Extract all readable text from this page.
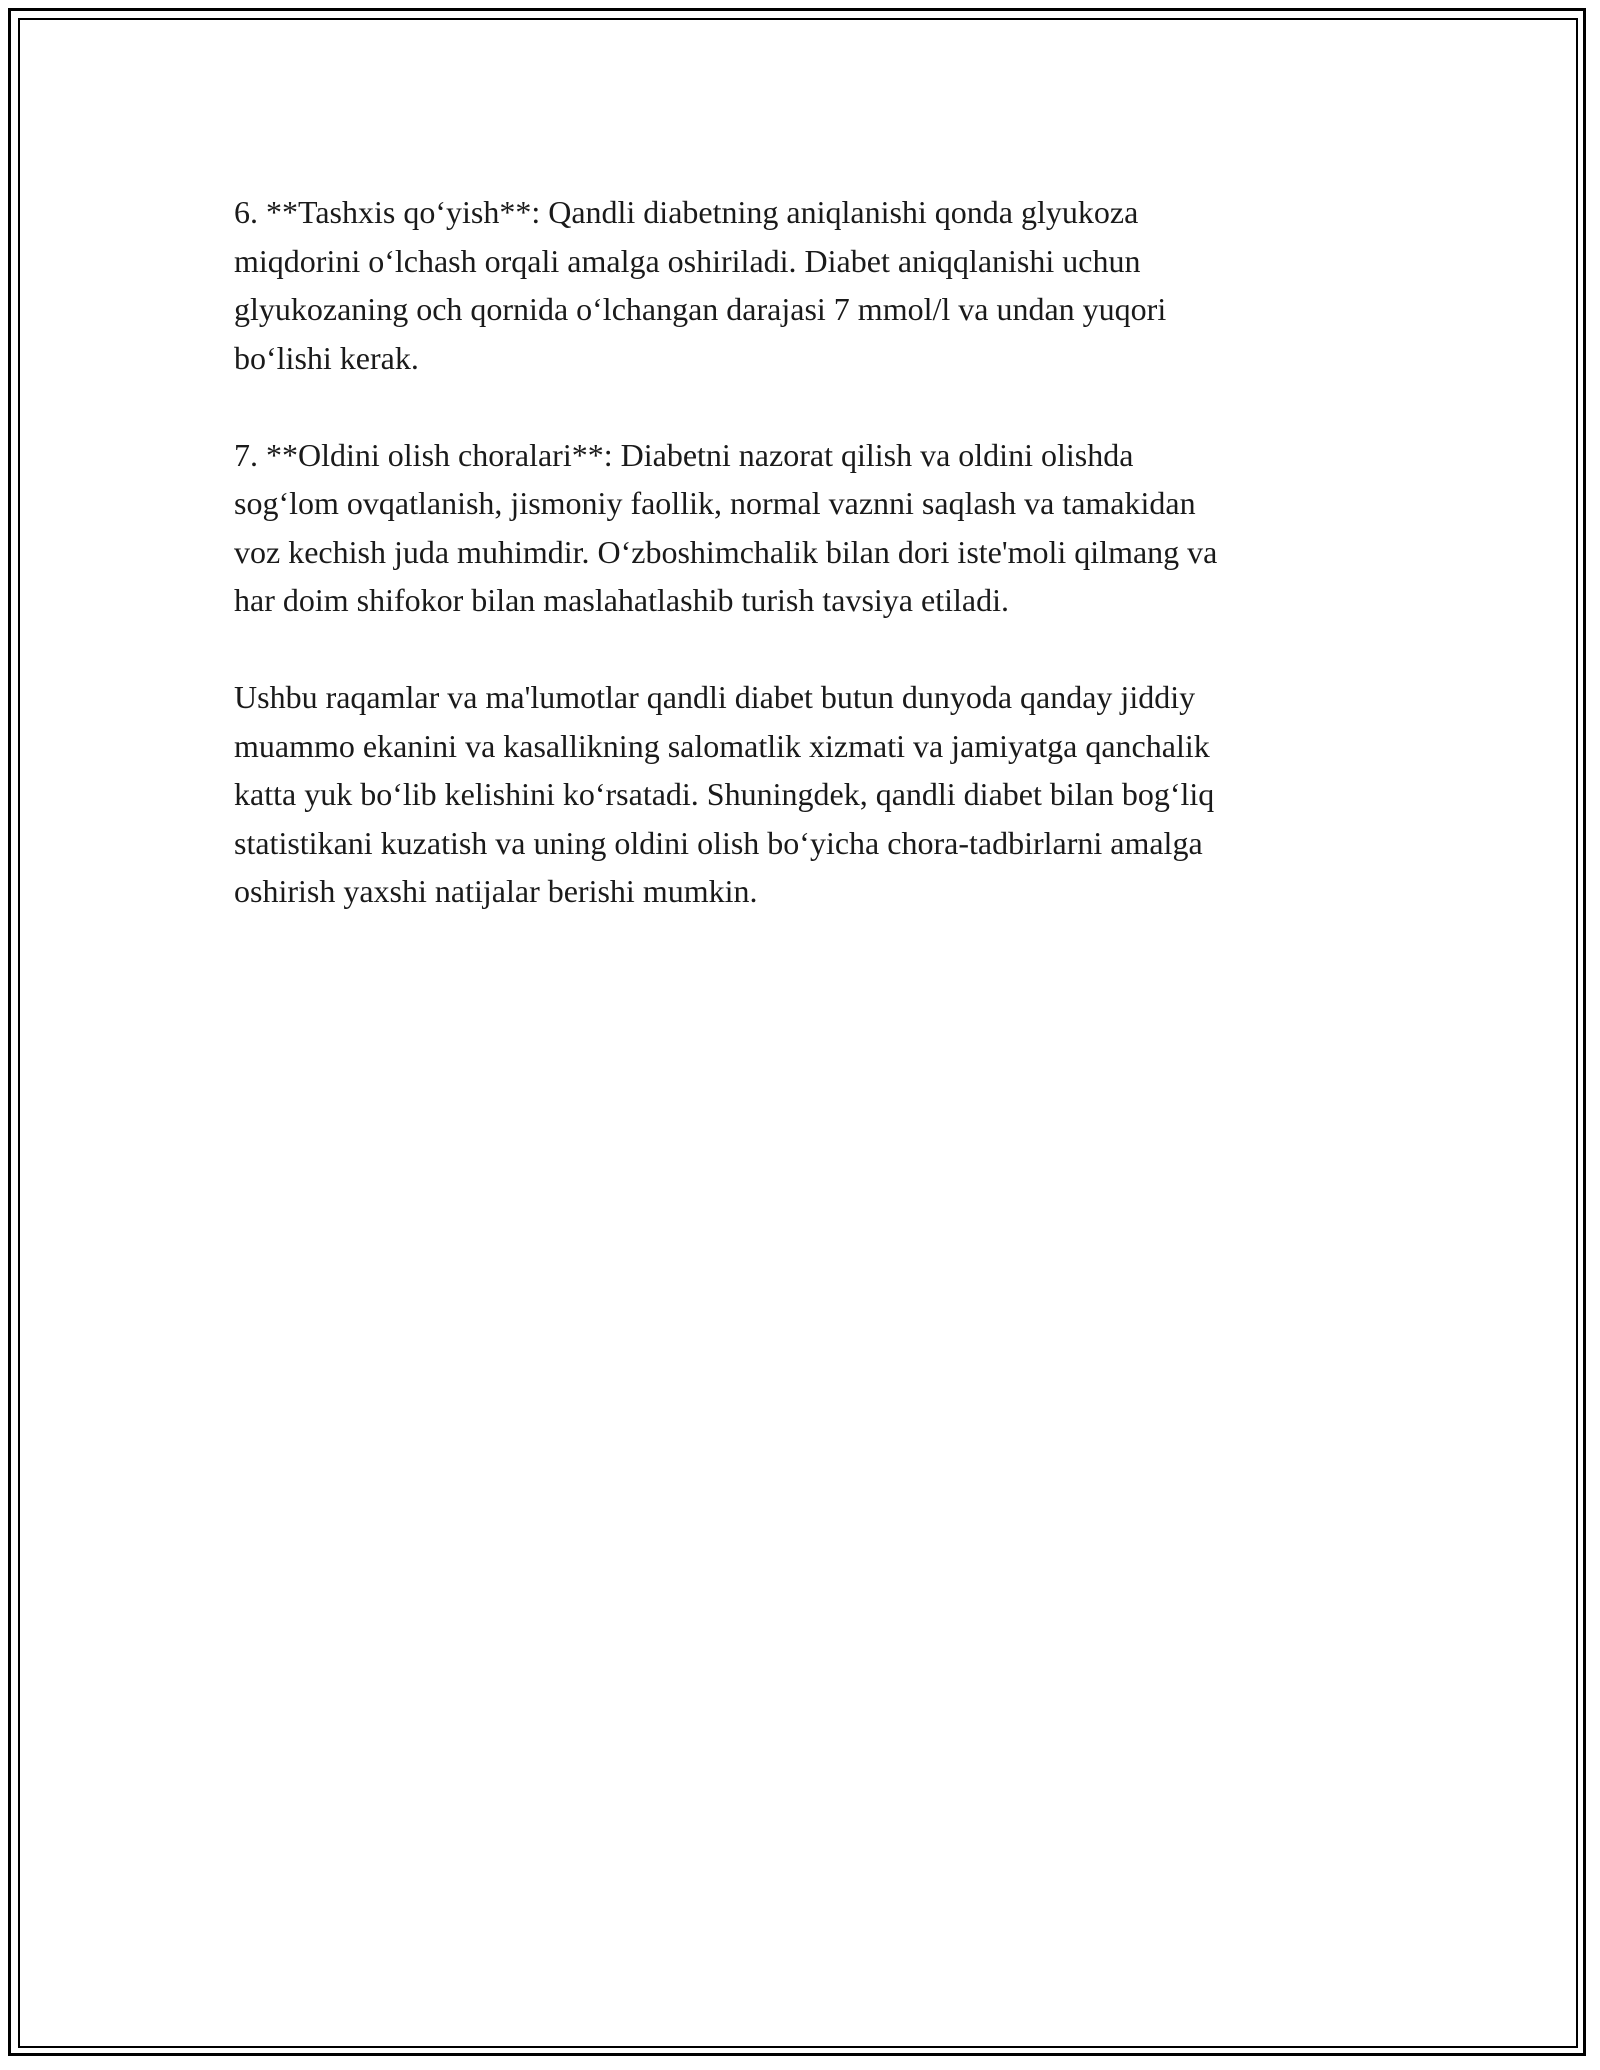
6. **Tashxis qo‘yish**: Qandli diabetning aniqlanishi qonda glyukoza
miqdorini o‘lchash orqali amalga oshiriladi. Diabet aniqqlanishi uchun
glyukozaning och qornida o‘lchangan darajasi 7 mmol/l va undan yuqori
bo‘lishi kerak.

7. **Oldini olish choralari**: Diabetni nazorat qilish va oldini olishda
sog‘lom ovqatlanish, jismoniy faollik, normal vaznni saqlash va tamakidan
voz kechish juda muhimdir. O‘zboshimchalik bilan dori iste'moli qilmang va
har doim shifokor bilan maslahatlashib turish tavsiya etiladi.

Ushbu raqamlar va ma'lumotlar qandli diabet butun dunyoda qanday jiddiy
muammo ekanini va kasallikning salomatlik xizmati va jamiyatga qanchalik
katta yuk bo‘lib kelishini ko‘rsatadi. Shuningdek, qandli diabet bilan bog‘liq
statistikani kuzatish va uning oldini olish bo‘yicha chora-tadbirlarni amalga
oshirish yaxshi natijalar berishi mumkin.
